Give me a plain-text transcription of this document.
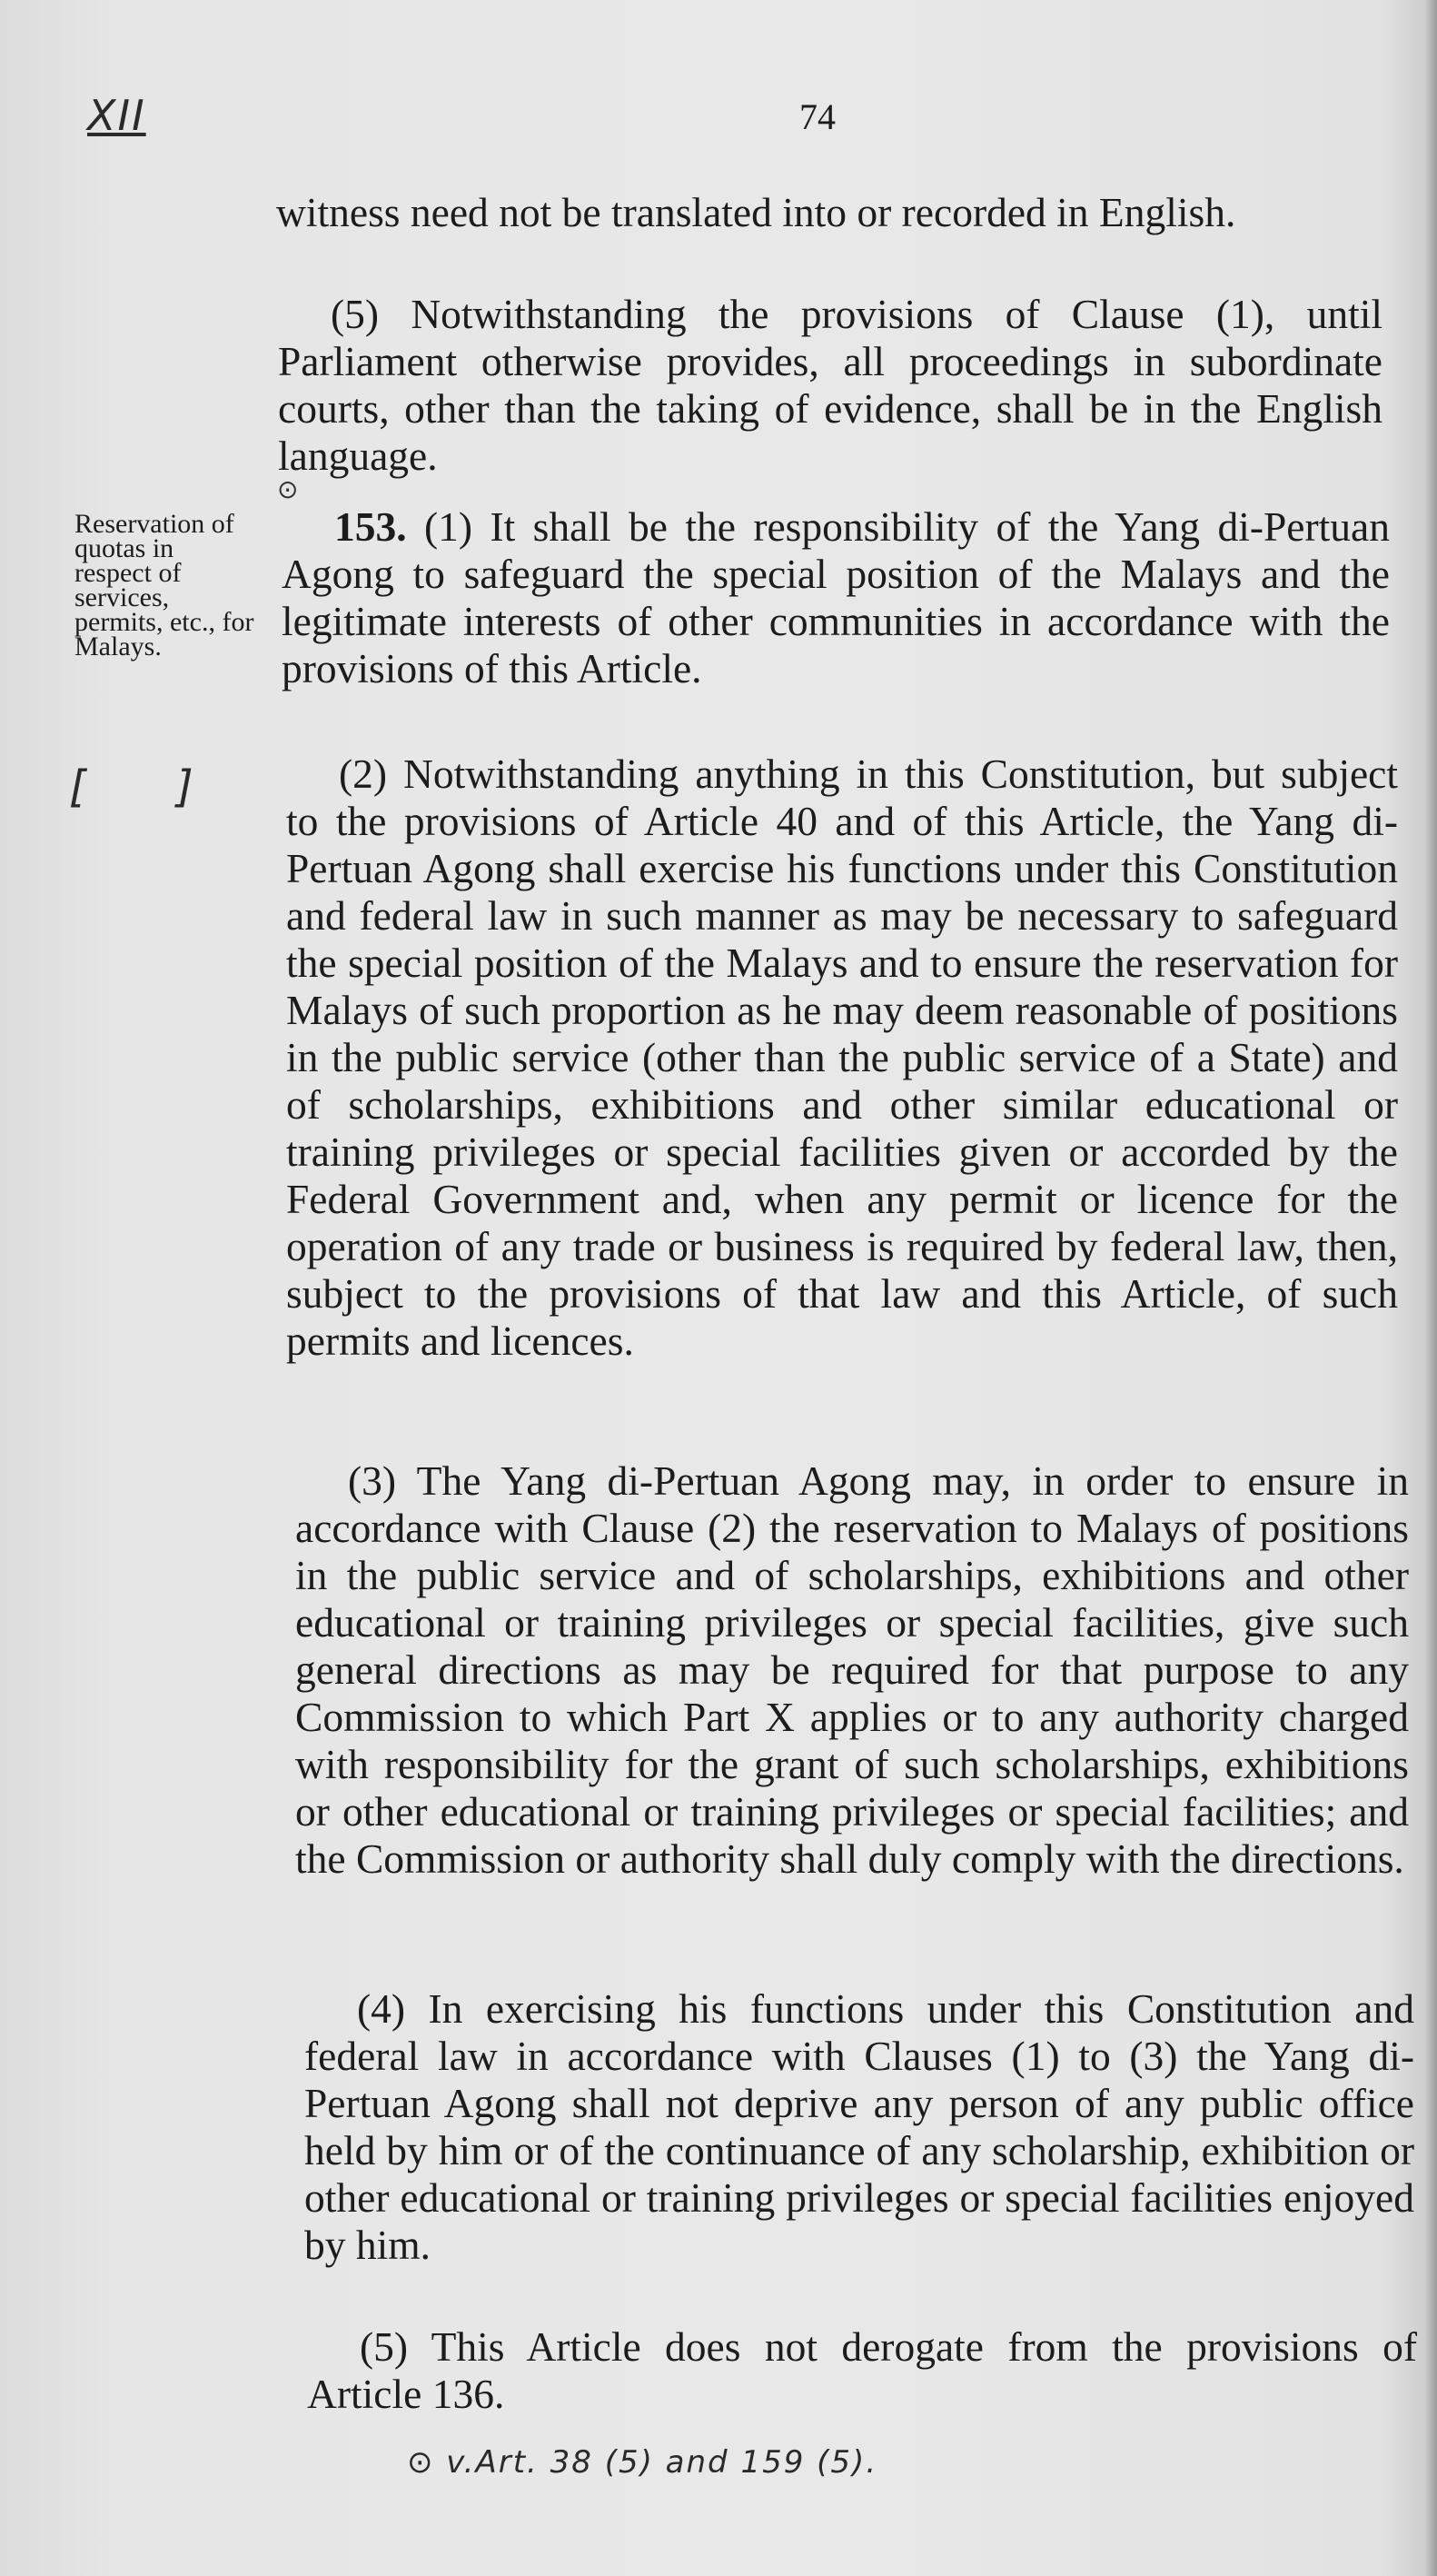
XII	74

witness need not be translated into or recorded in English.

(5) Notwithstanding the provisions of Clause (1), until Parliament otherwise provides, all proceedings in subordinate courts, other than the taking of evidence, shall be in the English language.

⊙

Reservation of quotas in respect of services, permits, etc., for Malays.

153. (1) It shall be the responsibility of the Yang di-Pertuan Agong to safeguard the special position of the Malays and the legitimate interests of other communities in accordance with the provisions of this Article.

[ ]	(2) Notwithstanding anything in this Constitution, but subject to the provisions of Article 40 and of this Article, the Yang di-Pertuan Agong shall exercise his functions under this Constitution and federal law in such manner as may be necessary to safeguard the special position of the Malays and to ensure the reservation for Malays of such proportion as he may deem reasonable of positions in the public service (other than the public service of a State) and of scholarships, exhibitions and other similar educational or training privileges or special facilities given or accorded by the Federal Government and, when any permit or licence for the operation of any trade or business is required by federal law, then, subject to the provisions of that law and this Article, of such permits and licences.

(3) The Yang di-Pertuan Agong may, in order to ensure in accordance with Clause (2) the reservation to Malays of positions in the public service and of scholarships, exhibitions and other educational or training privileges or special facilities, give such general directions as may be required for that purpose to any Commission to which Part X applies or to any authority charged with responsibility for the grant of such scholarships, exhibitions or other educational or training privileges or special facilities; and the Commission or authority shall duly comply with the directions.

(4) In exercising his functions under this Constitution and federal law in accordance with Clauses (1) to (3) the Yang di-Pertuan Agong shall not deprive any person of any public office held by him or of the continuance of any scholarship, exhibition or other educational or training privileges or special facilities enjoyed by him.

(5) This Article does not derogate from the provisions of Article 136.

⊙ v.Art. 38 (5) and 159 (5).
